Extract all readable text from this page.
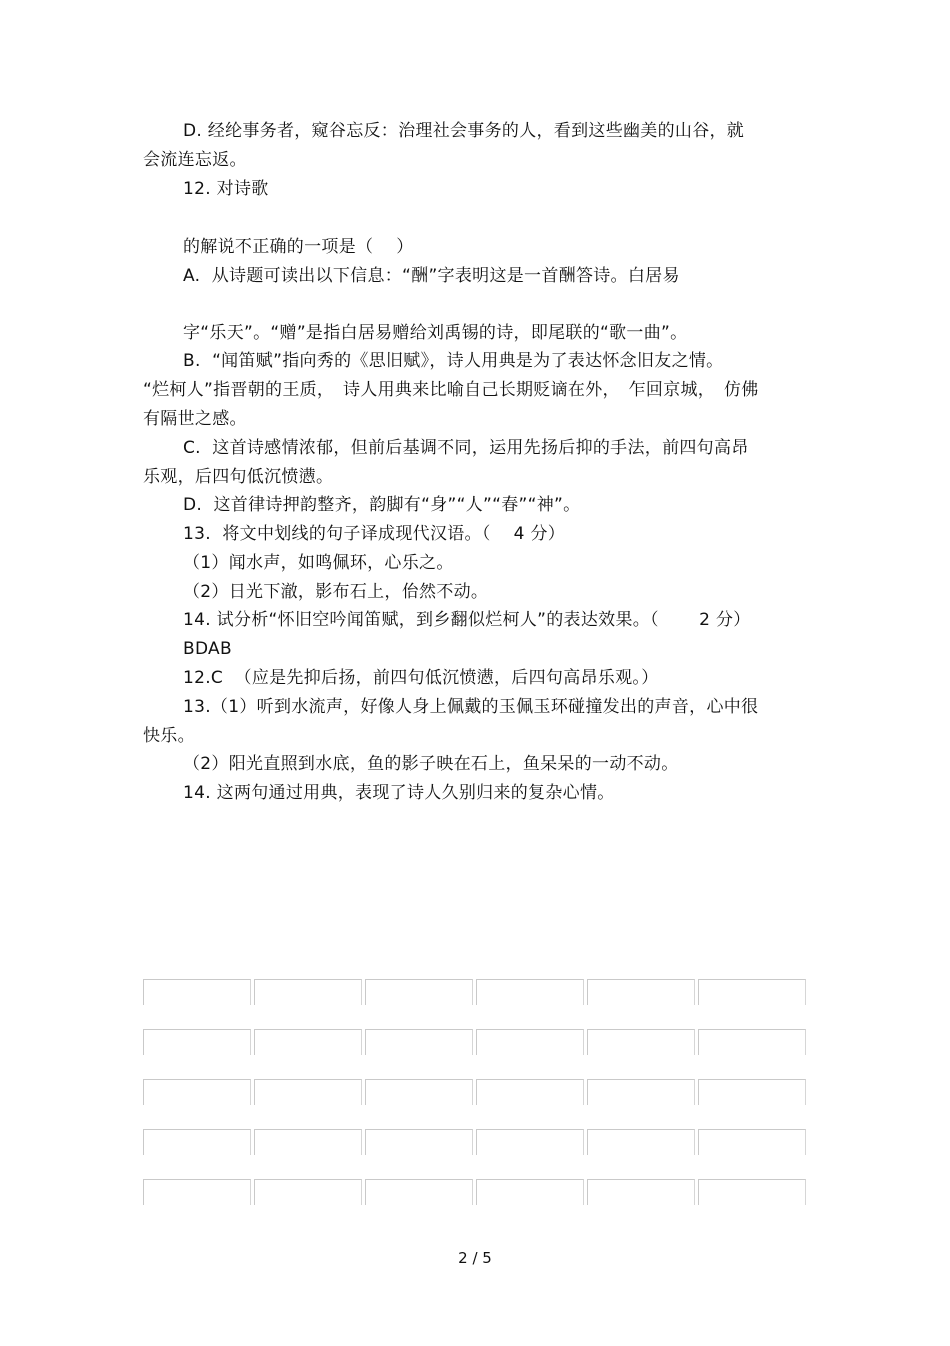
D. 经纶事务者，窥谷忘反：治理社会事务的人，看到这些幽美的山谷，就
会流连忘返。
12. 对诗歌
的解说不正确的一项是（　 ）
A.  从诗题可读出以下信息：“酬”字表明这是一首酬答诗。白居易
字“乐天”。“赠”是指白居易赠给刘禹锡的诗，即尾联的“歌一曲”。
B.  “闻笛赋”指向秀的《思旧赋》，诗人用典是为了表达怀念旧友之情。
“烂柯人”指晋朝的王质，　诗人用典来比喻自己长期贬谪在外，　乍回京城，　仿佛
有隔世之感。
C.  这首诗感情浓郁，但前后基调不同，运用先扬后抑的手法，前四句高昂
乐观，后四句低沉愤懑。
D.  这首律诗押韵整齐，韵脚有“身”“人”“春”“神”。
13.  将文中划线的句子译成现代汉语。（　 4 分）
（1）闻水声，如鸣佩环，心乐之。
（2）日光下澈，影布石上，佁然不动。
14. 试分析“怀旧空吟闻笛赋，到乡翻似烂柯人”的表达效果。（　　 2 分）
BDAB
12.C  （应是先抑后扬，前四句低沉愤懑，后四句高昂乐观。）
13.（1）听到水流声，好像人身上佩戴的玉佩玉环碰撞发出的声音，心中很
快乐。
（2）阳光直照到水底，鱼的影子映在石上，鱼呆呆的一动不动。
14. 这两句通过用典，表现了诗人久别归来的复杂心情。
2 / 5
